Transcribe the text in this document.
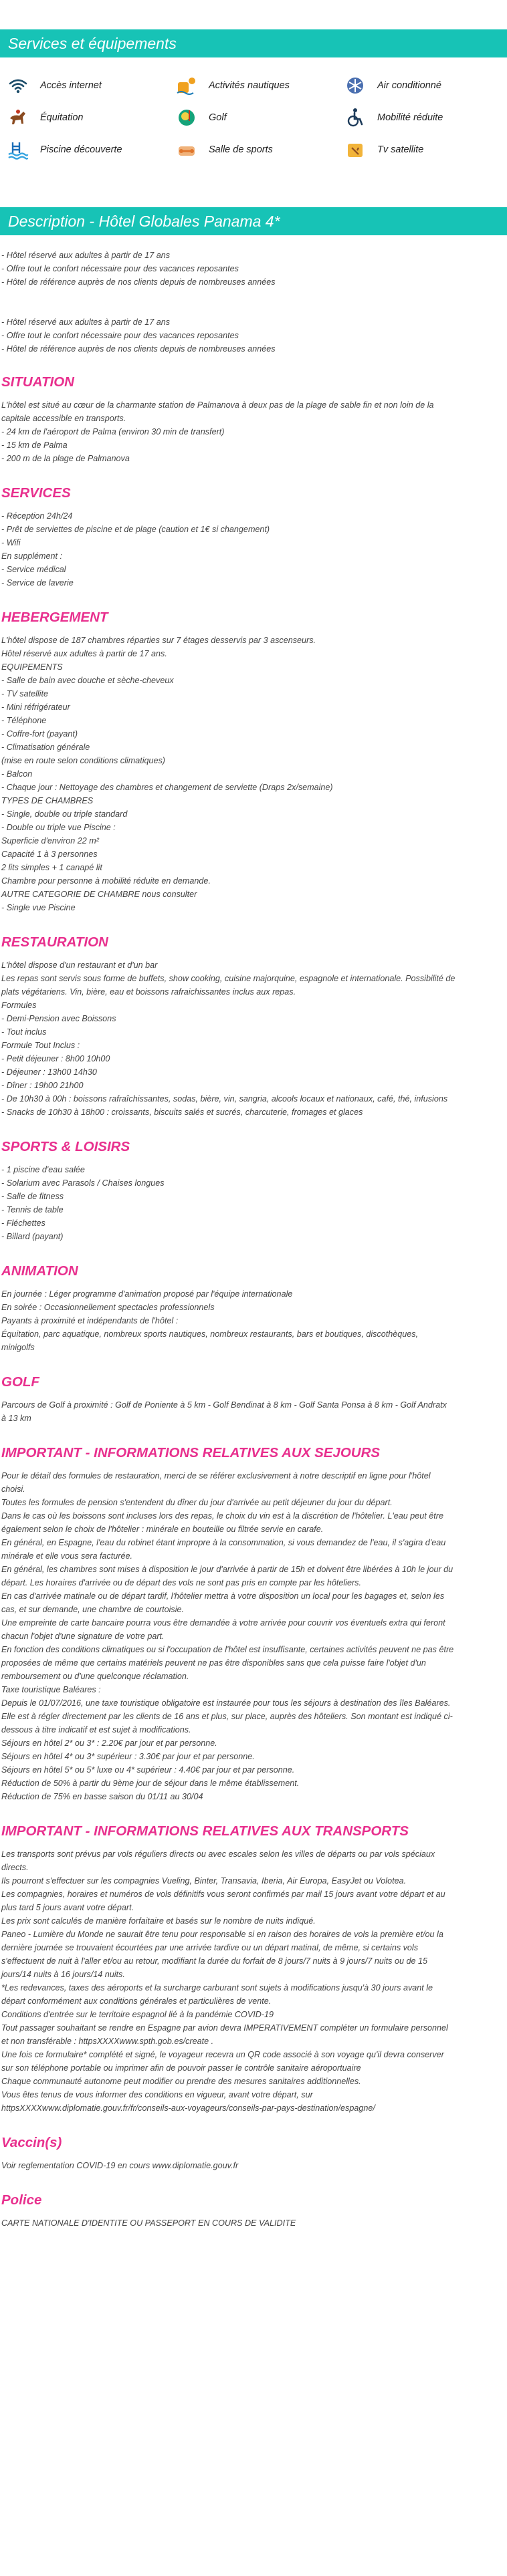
Services et équipements
Accès internet	Activités nautiques	Air conditionné
Équitation	Golf	Mobilité réduite
Piscine découverte	Salle de sports	Tv satellite
Description - Hôtel Globales Panama 4*
- Hôtel réservé aux adultes à partir de 17 ans
- Offre tout le confort nécessaire pour des vacances reposantes
- Hôtel de référence auprès de nos clients depuis de nombreuses années

- Hôtel réservé aux adultes à partir de 17 ans
- Offre tout le confort nécessaire pour des vacances reposantes
- Hôtel de référence auprès de nos clients depuis de nombreuses années
SITUATION
L'hôtel est situé au cœur de la charmante station de Palmanova à deux pas de la plage de sable fin et non loin de la
capitale accessible en transports.
- 24 km de l'aéroport de Palma (environ 30 min de transfert)
- 15 km de Palma
- 200 m de la plage de Palmanova
SERVICES
- Réception 24h/24
- Prêt de serviettes de piscine et de plage (caution et 1€ si changement)
- Wifi
En supplément :
- Service médical
- Service de laverie
HEBERGEMENT
L'hôtel dispose de 187 chambres réparties sur 7 étages desservis par 3 ascenseurs.
Hôtel réservé aux adultes à partir de 17 ans.
EQUIPEMENTS
- Salle de bain avec douche et sèche-cheveux
- TV satellite
- Mini réfrigérateur
- Téléphone
- Coffre-fort (payant)
- Climatisation générale
(mise en route selon conditions climatiques)
- Balcon
- Chaque jour : Nettoyage des chambres et changement de serviette (Draps 2x/semaine)
TYPES DE CHAMBRES
- Single, double ou triple standard
- Double ou triple vue Piscine :
Superficie d'environ 22 m²
Capacité 1 à 3 personnes
2 lits simples + 1 canapé lit
Chambre pour personne à mobilité réduite en demande.
AUTRE CATEGORIE DE CHAMBRE nous consulter
- Single vue Piscine
RESTAURATION
L'hôtel dispose d'un restaurant et d'un bar
Les repas sont servis sous forme de buffets, show cooking, cuisine majorquine, espagnole et internationale. Possibilité de
plats végétariens. Vin, bière, eau et boissons rafraichissantes inclus aux repas.
Formules
- Demi-Pension avec Boissons
- Tout inclus
Formule Tout Inclus :
- Petit déjeuner : 8h00 10h00
- Déjeuner : 13h00 14h30
- Dîner : 19h00 21h00
- De 10h30 à 00h : boissons rafraîchissantes, sodas, bière, vin, sangria, alcools locaux et nationaux, café, thé, infusions
- Snacks de 10h30 à 18h00 : croissants, biscuits salés et sucrés, charcuterie, fromages et glaces
SPORTS & LOISIRS
- 1 piscine d'eau salée
- Solarium avec Parasols / Chaises longues
- Salle de fitness
- Tennis de table
- Fléchettes
- Billard (payant)
ANIMATION
En journée : Léger programme d'animation proposé par l'équipe internationale
En soirée : Occasionnellement spectacles professionnels
Payants à proximité et indépendants de l'hôtel :
Équitation, parc aquatique, nombreux sports nautiques, nombreux restaurants, bars et boutiques, discothèques,
minigolfs
GOLF
Parcours de Golf à proximité : Golf de Poniente à 5 km - Golf Bendinat à 8 km - Golf Santa Ponsa à 8 km - Golf Andratx
à 13 km
IMPORTANT - INFORMATIONS RELATIVES AUX SEJOURS
Pour le détail des formules de restauration, merci de se référer exclusivement à notre descriptif en ligne pour l'hôtel
choisi.
Toutes les formules de pension s'entendent du dîner du jour d'arrivée au petit déjeuner du jour du départ.
Dans le cas où les boissons sont incluses lors des repas, le choix du vin est à la discrétion de l'hôtelier. L'eau peut être
également selon le choix de l'hôtelier : minérale en bouteille ou filtrée servie en carafe.
En général, en Espagne, l'eau du robinet étant impropre à la consommation, si vous demandez de l'eau, il s'agira d'eau
minérale et elle vous sera facturée.
En général, les chambres sont mises à disposition le jour d'arrivée à partir de 15h et doivent être libérées à 10h le jour du
départ. Les horaires d'arrivée ou de départ des vols ne sont pas pris en compte par les hôteliers.
En cas d'arrivée matinale ou de départ tardif, l'hôtelier mettra à votre disposition un local pour les bagages et, selon les
cas, et sur demande, une chambre de courtoisie.
Une empreinte de carte bancaire pourra vous être demandée à votre arrivée pour couvrir vos éventuels extra qui feront
chacun l'objet d'une signature de votre part.
En fonction des conditions climatiques ou si l'occupation de l'hôtel est insuffisante, certaines activités peuvent ne pas être
proposées de même que certains matériels peuvent ne pas être disponibles sans que cela puisse faire l'objet d'un
remboursement ou d'une quelconque réclamation.
Taxe touristique Baléares :
Depuis le 01/07/2016, une taxe touristique obligatoire est instaurée pour tous les séjours à destination des îles Baléares.
Elle est à régler directement par les clients de 16 ans et plus, sur place, auprès des hôteliers. Son montant est indiqué ci-
dessous à titre indicatif et est sujet à modifications.
Séjours en hôtel 2* ou 3* : 2.20€ par jour et par personne.
Séjours en hôtel 4* ou 3* supérieur : 3.30€ par jour et par personne.
Séjours en hôtel 5* ou 5* luxe ou 4* supérieur : 4.40€ par jour et par personne.
Réduction de 50% à partir du 9ème jour de séjour dans le même établissement.
Réduction de 75% en basse saison du 01/11 au 30/04
IMPORTANT - INFORMATIONS RELATIVES AUX TRANSPORTS
Les transports sont prévus par vols réguliers directs ou avec escales selon les villes de départs ou par vols spéciaux
directs.
Ils pourront s'effectuer sur les compagnies Vueling, Binter, Transavia, Iberia, Air Europa, EasyJet ou Volotea.
Les compagnies, horaires et numéros de vols définitifs vous seront confirmés par mail 15 jours avant votre départ et au
plus tard 5 jours avant votre départ.
Les prix sont calculés de manière forfaitaire et basés sur le nombre de nuits indiqué.
Paneo - Lumière du Monde ne saurait être tenu pour responsable si en raison des horaires de vols la première et/ou la
dernière journée se trouvaient écourtées par une arrivée tardive ou un départ matinal, de même, si certains vols
s'effectuent de nuit à l'aller et/ou au retour, modifiant la durée du forfait de 8 jours/7 nuits à 9 jours/7 nuits ou de 15
jours/14 nuits à 16 jours/14 nuits.
*Les redevances, taxes des aéroports et la surcharge carburant sont sujets à modifications jusqu'à 30 jours avant le
départ conformément aux conditions générales et particulières de vente.
Conditions d'entrée sur le territoire espagnol lié à la pandémie COVID-19
Tout passager souhaitant se rendre en Espagne par avion devra IMPERATIVEMENT compléter un formulaire personnel
et non transférable : httpsXXXXwww.spth.gob.es/create .
Une fois ce formulaire* complété et signé, le voyageur recevra un QR code associé à son voyage qu'il devra conserver
sur son téléphone portable ou imprimer afin de pouvoir passer le contrôle sanitaire aéroportuaire
Chaque communauté autonome peut modifier ou prendre des mesures sanitaires additionnelles.
Vous êtes tenus de vous informer des conditions en vigueur, avant votre départ, sur
httpsXXXXwww.diplomatie.gouv.fr/fr/conseils-aux-voyageurs/conseils-par-pays-destination/espagne/
Vaccin(s)
Voir reglementation COVID-19 en cours www.diplomatie.gouv.fr
Police
CARTE NATIONALE D'IDENTITE OU PASSEPORT EN COURS DE VALIDITE
